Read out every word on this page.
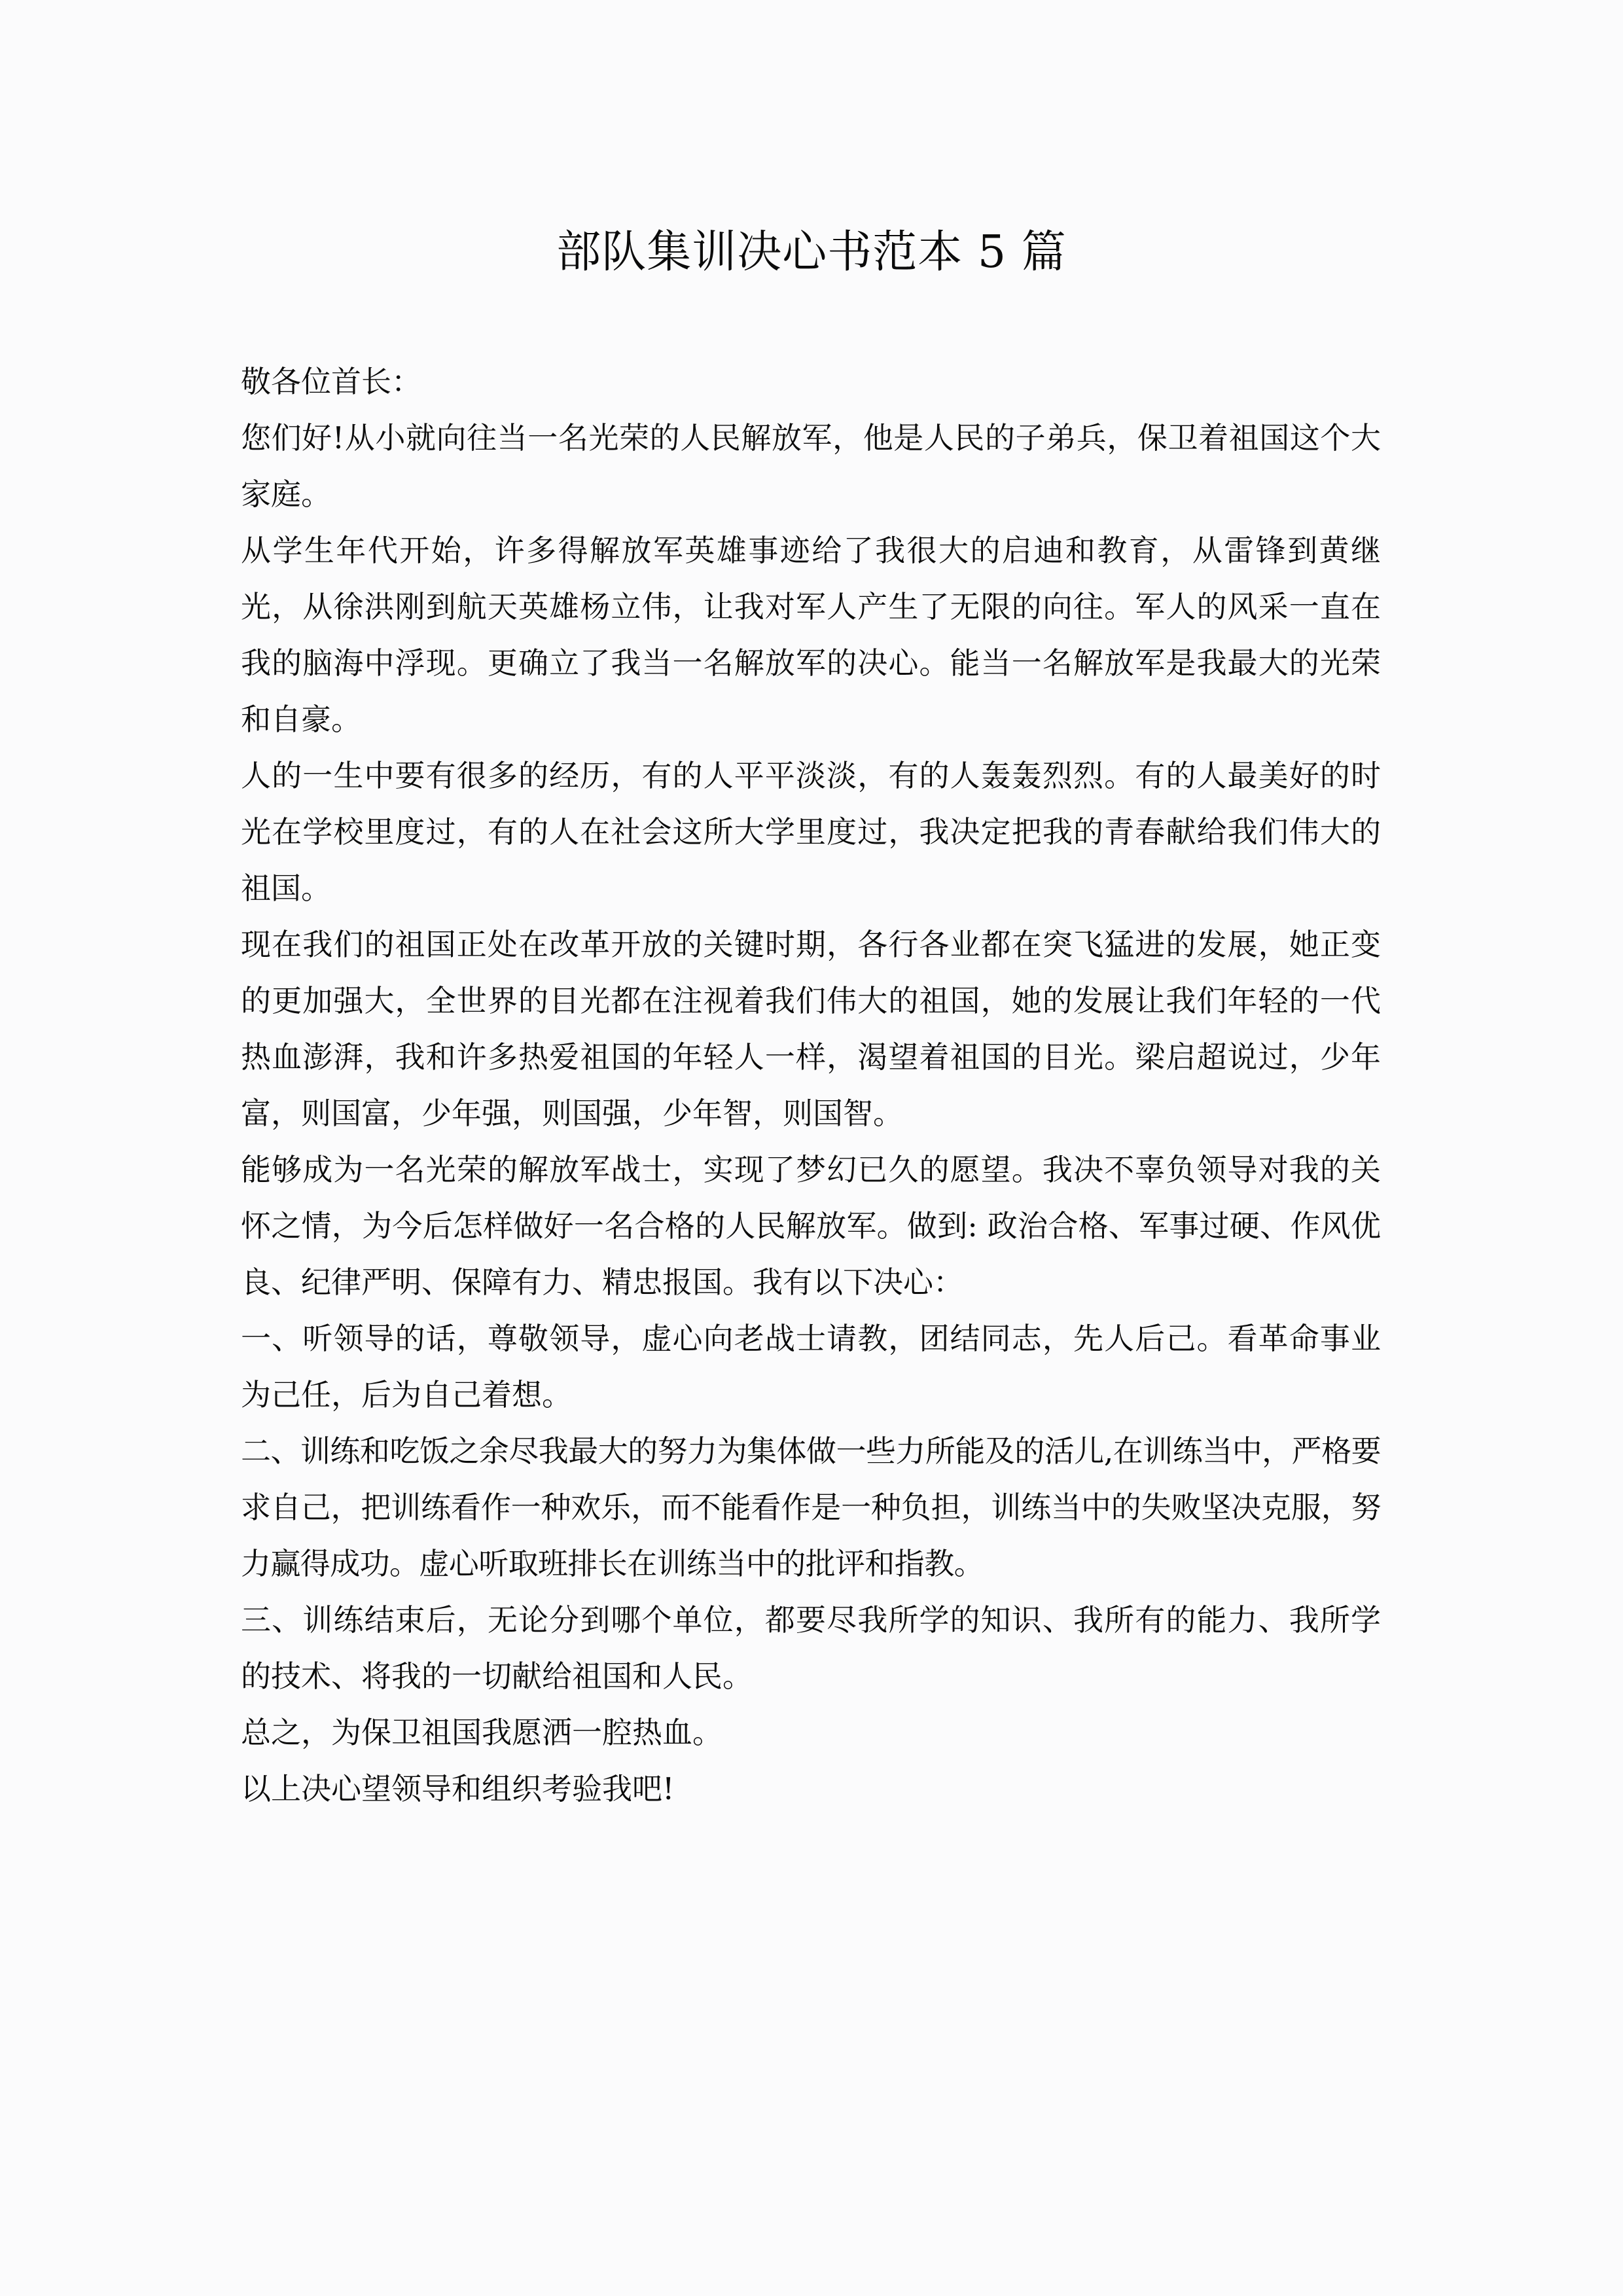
部队集训决心书范本 5 篇

敬各位首长：

您们好!从小就向往当一名光荣的人民解放军，他是人民的子弟兵，保卫着祖国这个大家庭。

从学生年代开始，许多得解放军英雄事迹给了我很大的启迪和教育，从雷锋到黄继光，从徐洪刚到航天英雄杨立伟，让我对军人产生了无限的向往。军人的风采一直在我的脑海中浮现。更确立了我当一名解放军的决心。能当一名解放军是我最大的光荣和自豪。

人的一生中要有很多的经历，有的人平平淡淡，有的人轰轰烈烈。有的人最美好的时光在学校里度过，有的人在社会这所大学里度过，我决定把我的青春献给我们伟大的祖国。

现在我们的祖国正处在改革开放的关键时期，各行各业都在突飞猛进的发展，她正变的更加强大，全世界的目光都在注视着我们伟大的祖国，她的发展让我们年轻的一代热血澎湃，我和许多热爱祖国的年轻人一样，渴望着祖国的目光。梁启超说过，少年富，则国富，少年强，则国强，少年智，则国智。

能够成为一名光荣的解放军战士，实现了梦幻已久的愿望。我决不辜负领导对我的关怀之情，为今后怎样做好一名合格的人民解放军。做到: 政治合格、军事过硬、作风优良、纪律严明、保障有力、精忠报国。我有以下决心：

一、听领导的话，尊敬领导，虚心向老战士请教，团结同志，先人后己。看革命事业为己任，后为自己着想。

二、训练和吃饭之余尽我最大的努力为集体做一些力所能及的活儿,在训练当中，严格要求自己，把训练看作一种欢乐，而不能看作是一种负担，训练当中的失败坚决克服，努力赢得成功。虚心听取班排长在训练当中的批评和指教。

三、训练结束后，无论分到哪个单位，都要尽我所学的知识、我所有的能力、我所学的技术、将我的一切献给祖国和人民。

总之，为保卫祖国我愿洒一腔热血。

以上决心望领导和组织考验我吧!
